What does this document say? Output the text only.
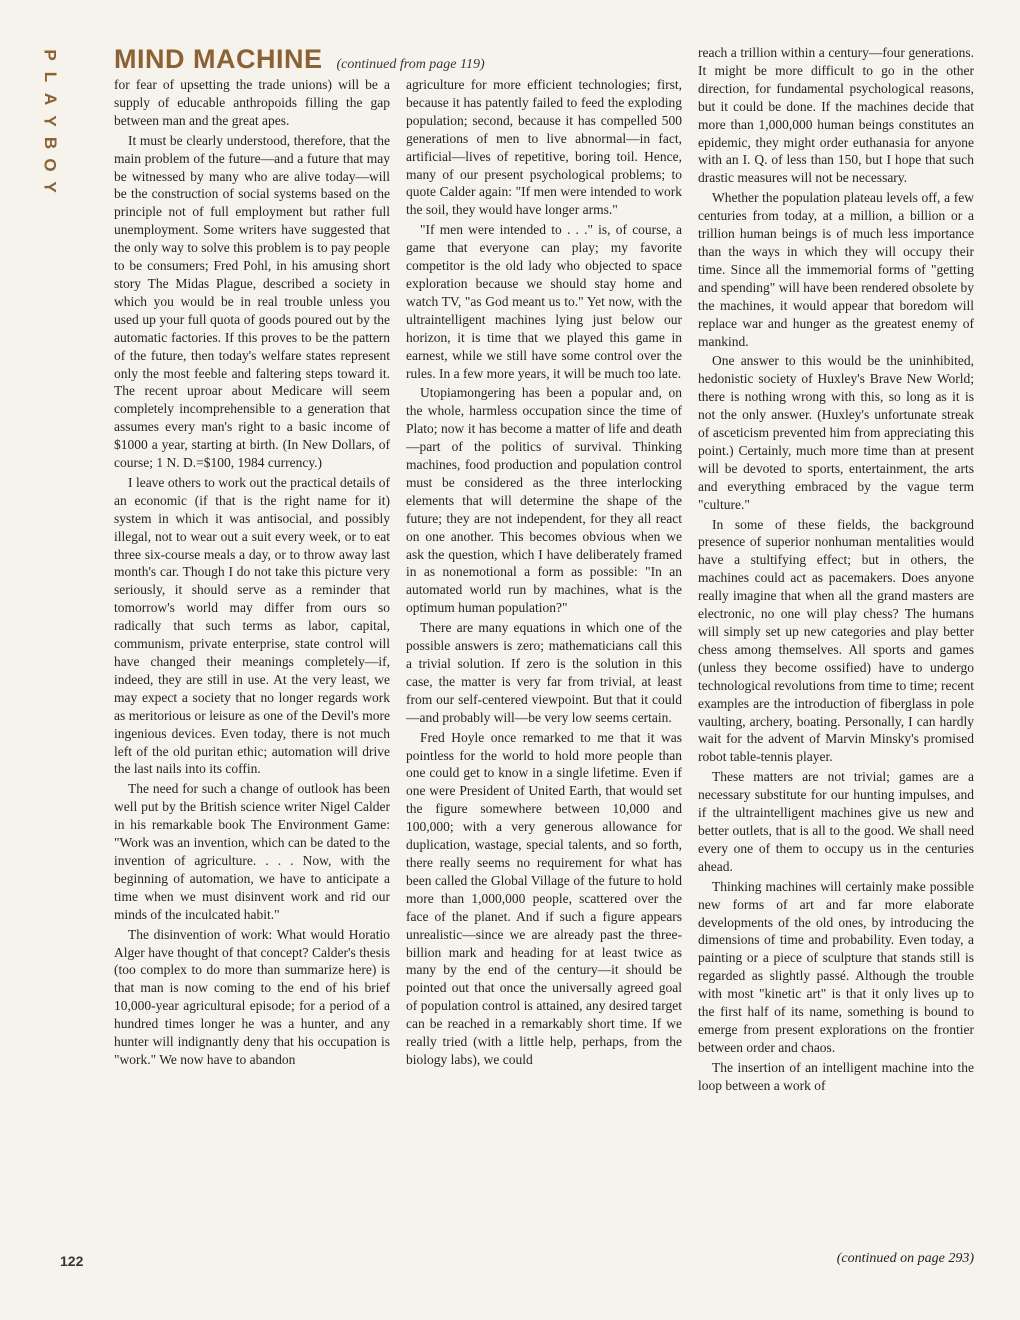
P
L
A
Y
B
O
Y
MIND MACHINE (continued from page 119)

for fear of upsetting the trade unions) will be a supply of educable anthropoids filling the gap between man and the great apes.

It must be clearly understood, therefore, that the main problem of the future—and a future that may be witnessed by many who are alive today—will be the construction of social systems based on the principle not of full employment but rather full unemployment. Some writers have suggested that the only way to solve this problem is to pay people to be consumers; Fred Pohl, in his amusing short story The Midas Plague, described a society in which you would be in real trouble unless you used up your full quota of goods poured out by the automatic factories. If this proves to be the pattern of the future, then today's welfare states represent only the most feeble and faltering steps toward it. The recent uproar about Medicare will seem completely incomprehensible to a generation that assumes every man's right to a basic income of $1000 a year, starting at birth. (In New Dollars, of course; 1 N. D.=$100, 1984 currency.)

I leave others to work out the practical details of an economic (if that is the right name for it) system in which it was antisocial, and possibly illegal, not to wear out a suit every week, or to eat three six-course meals a day, or to throw away last month's car. Though I do not take this picture very seriously, it should serve as a reminder that tomorrow's world may differ from ours so radically that such terms as labor, capital, communism, private enterprise, state control will have changed their meanings completely—if, indeed, they are still in use. At the very least, we may expect a society that no longer regards work as meritorious or leisure as one of the Devil's more ingenious devices. Even today, there is not much left of the old puritan ethic; automation will drive the last nails into its coffin.

The need for such a change of outlook has been well put by the British science writer Nigel Calder in his remarkable book The Environment Game: "Work was an invention, which can be dated to the invention of agriculture. . . . Now, with the beginning of automation, we have to anticipate a time when we must disinvent work and rid our minds of the inculcated habit."

The disinvention of work: What would Horatio Alger have thought of that concept? Calder's thesis (too complex to do more than summarize here) is that man is now coming to the end of his brief 10,000-year agricultural episode; for a period of a hundred times longer he was a hunter, and any hunter will indignantly deny that his occupation is "work." We now have to abandon

agriculture for more efficient technologies; first, because it has patently failed to feed the exploding population; second, because it has compelled 500 generations of men to live abnormal—in fact, artificial—lives of repetitive, boring toil. Hence, many of our present psychological problems; to quote Calder again: "If men were intended to work the soil, they would have longer arms."

"If men were intended to . . ." is, of course, a game that everyone can play; my favorite competitor is the old lady who objected to space exploration because we should stay home and watch TV, "as God meant us to." Yet now, with the ultraintelligent machines lying just below our horizon, it is time that we played this game in earnest, while we still have some control over the rules. In a few more years, it will be much too late.

Utopiamongering has been a popular and, on the whole, harmless occupation since the time of Plato; now it has become a matter of life and death—part of the politics of survival. Thinking machines, food production and population control must be considered as the three interlocking elements that will determine the shape of the future; they are not independent, for they all react on one another. This becomes obvious when we ask the question, which I have deliberately framed in as nonemotional a form as possible: "In an automated world run by machines, what is the optimum human population?"

There are many equations in which one of the possible answers is zero; mathematicians call this a trivial solution. If zero is the solution in this case, the matter is very far from trivial, at least from our self-centered viewpoint. But that it could—and probably will—be very low seems certain.

Fred Hoyle once remarked to me that it was pointless for the world to hold more people than one could get to know in a single lifetime. Even if one were President of United Earth, that would set the figure somewhere between 10,000 and 100,000; with a very generous allowance for duplication, wastage, special talents, and so forth, there really seems no requirement for what has been called the Global Village of the future to hold more than 1,000,000 people, scattered over the face of the planet. And if such a figure appears unrealistic—since we are already past the three-billion mark and heading for at least twice as many by the end of the century—it should be pointed out that once the universally agreed goal of population control is attained, any desired target can be reached in a remarkably short time. If we really tried (with a little help, perhaps, from the biology labs), we could

reach a trillion within a century—four generations. It might be more difficult to go in the other direction, for fundamental psychological reasons, but it could be done. If the machines decide that more than 1,000,000 human beings constitutes an epidemic, they might order euthanasia for anyone with an I. Q. of less than 150, but I hope that such drastic measures will not be necessary.

Whether the population plateau levels off, a few centuries from today, at a million, a billion or a trillion human beings is of much less importance than the ways in which they will occupy their time. Since all the immemorial forms of "getting and spending" will have been rendered obsolete by the machines, it would appear that boredom will replace war and hunger as the greatest enemy of mankind.

One answer to this would be the uninhibited, hedonistic society of Huxley's Brave New World; there is nothing wrong with this, so long as it is not the only answer. (Huxley's unfortunate streak of asceticism prevented him from appreciating this point.) Certainly, much more time than at present will be devoted to sports, entertainment, the arts and everything embraced by the vague term "culture."

In some of these fields, the background presence of superior nonhuman mentalities would have a stultifying effect; but in others, the machines could act as pacemakers. Does anyone really imagine that when all the grand masters are electronic, no one will play chess? The humans will simply set up new categories and play better chess among themselves. All sports and games (unless they become ossified) have to undergo technological revolutions from time to time; recent examples are the introduction of fiberglass in pole vaulting, archery, boating. Personally, I can hardly wait for the advent of Marvin Minsky's promised robot table-tennis player.

These matters are not trivial; games are a necessary substitute for our hunting impulses, and if the ultraintelligent machines give us new and better outlets, that is all to the good. We shall need every one of them to occupy us in the centuries ahead.

Thinking machines will certainly make possible new forms of art and far more elaborate developments of the old ones, by introducing the dimensions of time and probability. Even today, a painting or a piece of sculpture that stands still is regarded as slightly passé. Although the trouble with most "kinetic art" is that it only lives up to the first half of its name, something is bound to emerge from present explorations on the frontier between order and chaos.

The insertion of an intelligent machine into the loop between a work of

(continued on page 293)
122
